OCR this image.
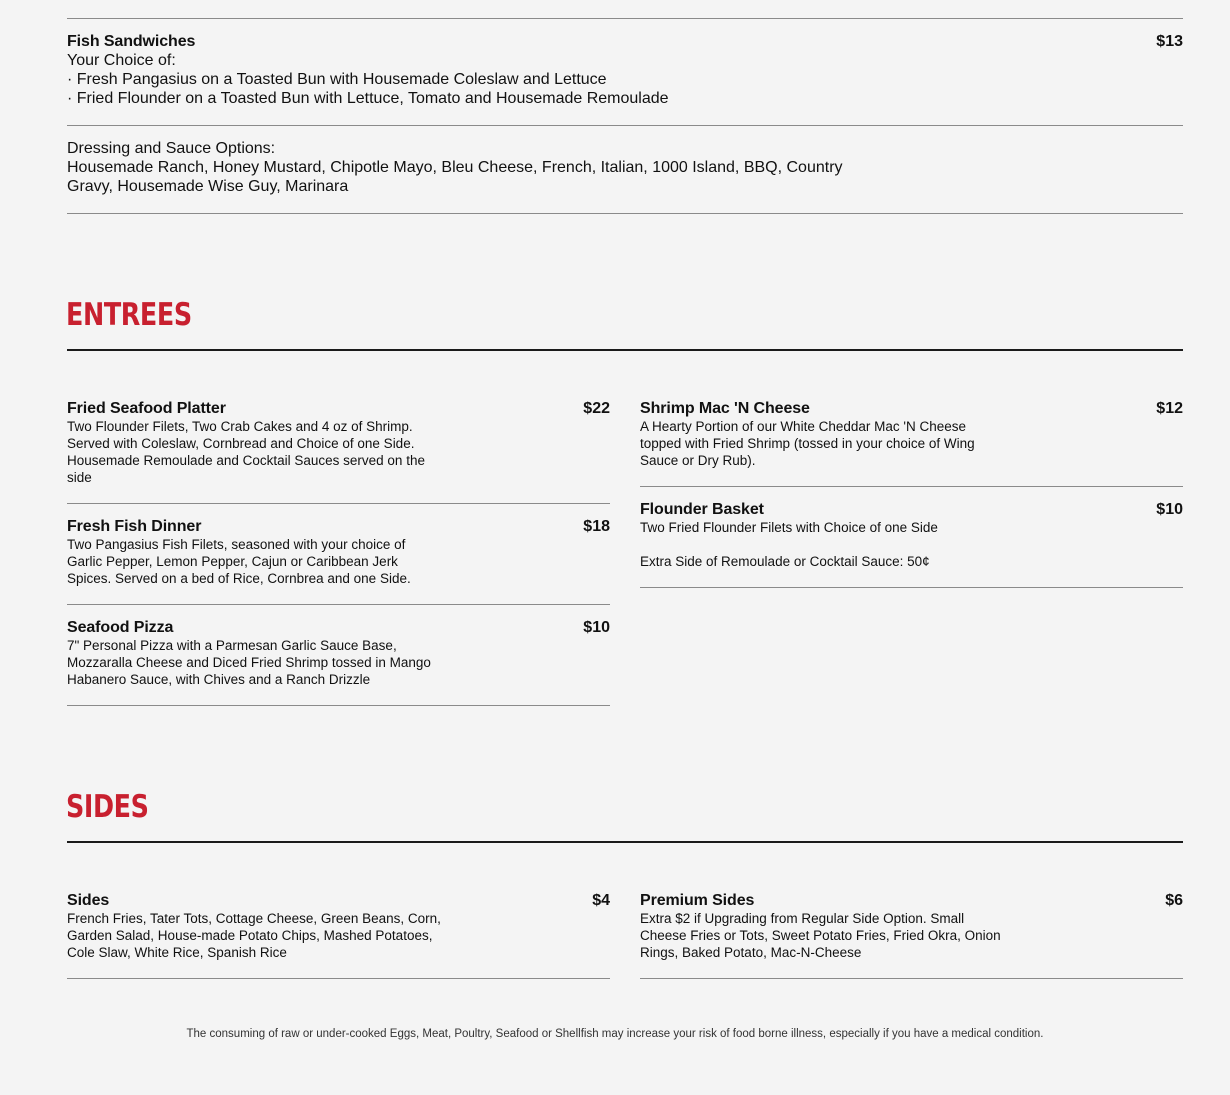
Fish Sandwiches	$13
Your Choice of:
· Fresh Pangasius on a Toasted Bun with Housemade Coleslaw and Lettuce
· Fried Flounder on a Toasted Bun with Lettuce, Tomato and Housemade Remoulade
Dressing and Sauce Options:
Housemade Ranch, Honey Mustard, Chipotle Mayo, Bleu Cheese, French, Italian, 1000 Island, BBQ, Country
Gravy, Housemade Wise Guy, Marinara
ENTREES
Fried Seafood Platter	$22
Two Flounder Filets, Two Crab Cakes and 4 oz of Shrimp.
Served with Coleslaw, Cornbread and Choice of one Side.
Housemade Remoulade and Cocktail Sauces served on the
side
Fresh Fish Dinner	$18
Two Pangasius Fish Filets, seasoned with your choice of
Garlic Pepper, Lemon Pepper, Cajun or Caribbean Jerk
Spices. Served on a bed of Rice, Cornbrea and one Side.
Seafood Pizza	$10
7" Personal Pizza with a Parmesan Garlic Sauce Base,
Mozzaralla Cheese and Diced Fried Shrimp tossed in Mango
Habanero Sauce, with Chives and a Ranch Drizzle
Shrimp Mac 'N Cheese	$12
A Hearty Portion of our White Cheddar Mac 'N Cheese
topped with Fried Shrimp (tossed in your choice of Wing
Sauce or Dry Rub).
Flounder Basket	$10
Two Fried Flounder Filets with Choice of one Side
Extra Side of Remoulade or Cocktail Sauce: 50¢
SIDES
Sides	$4
French Fries, Tater Tots, Cottage Cheese, Green Beans, Corn,
Garden Salad, House-made Potato Chips, Mashed Potatoes,
Cole Slaw, White Rice, Spanish Rice
Premium Sides	$6
Extra $2 if Upgrading from Regular Side Option. Small
Cheese Fries or Tots, Sweet Potato Fries, Fried Okra, Onion
Rings, Baked Potato, Mac-N-Cheese
The consuming of raw or under-cooked Eggs, Meat, Poultry, Seafood or Shellfish may increase your risk of food borne illness, especially if you have a medical condition.
